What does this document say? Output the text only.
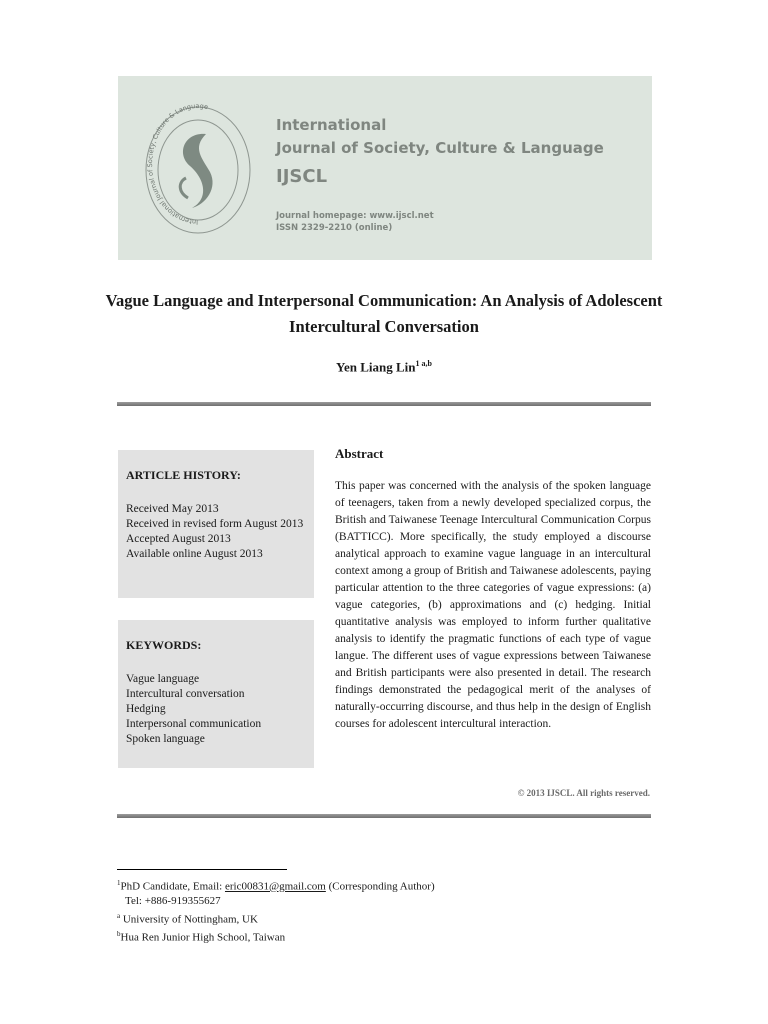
International Journal of Society, Culture & Language
International
Journal of Society, Culture & Language
IJSCL
Journal homepage: www.ijscl.net
ISSN 2329-2210 (online)
Vague Language and Interpersonal Communication: An Analysis of Adolescent Intercultural Conversation
Yen Liang Lin$^{1 a,b}$
ARTICLE HISTORY:
Received May 2013
Received in revised form August 2013
Accepted August 2013
Available online August 2013
KEYWORDS:
Vague language
Intercultural conversation
Hedging
Interpersonal communication
Spoken language
Abstract

This paper was concerned with the analysis of the spoken language of teenagers, taken from a newly developed specialized corpus, the British and Taiwanese Teenage Intercultural Communication Corpus (BATTICC). More specifically, the study employed a discourse analytical approach to examine vague language in an intercultural context among a group of British and Taiwanese adolescents, paying particular attention to the three categories of vague expressions: (a) vague categories, (b) approximations and (c) hedging. Initial quantitative analysis was employed to inform further qualitative analysis to identify the pragmatic functions of each type of vague langue. The different uses of vague expressions between Taiwanese and British participants were also presented in detail. The research findings demonstrated the pedagogical merit of the analyses of naturally-occurring discourse, and thus help in the design of English courses for adolescent intercultural interaction.

© 2013 IJSCL. All rights reserved.
$^1$PhD Candidate, Email: eric00831@gmail.com (Corresponding Author)
Tel: +886-919355627
$^a$ University of Nottingham, UK
$^b$Hua Ren Junior High School, Taiwan
